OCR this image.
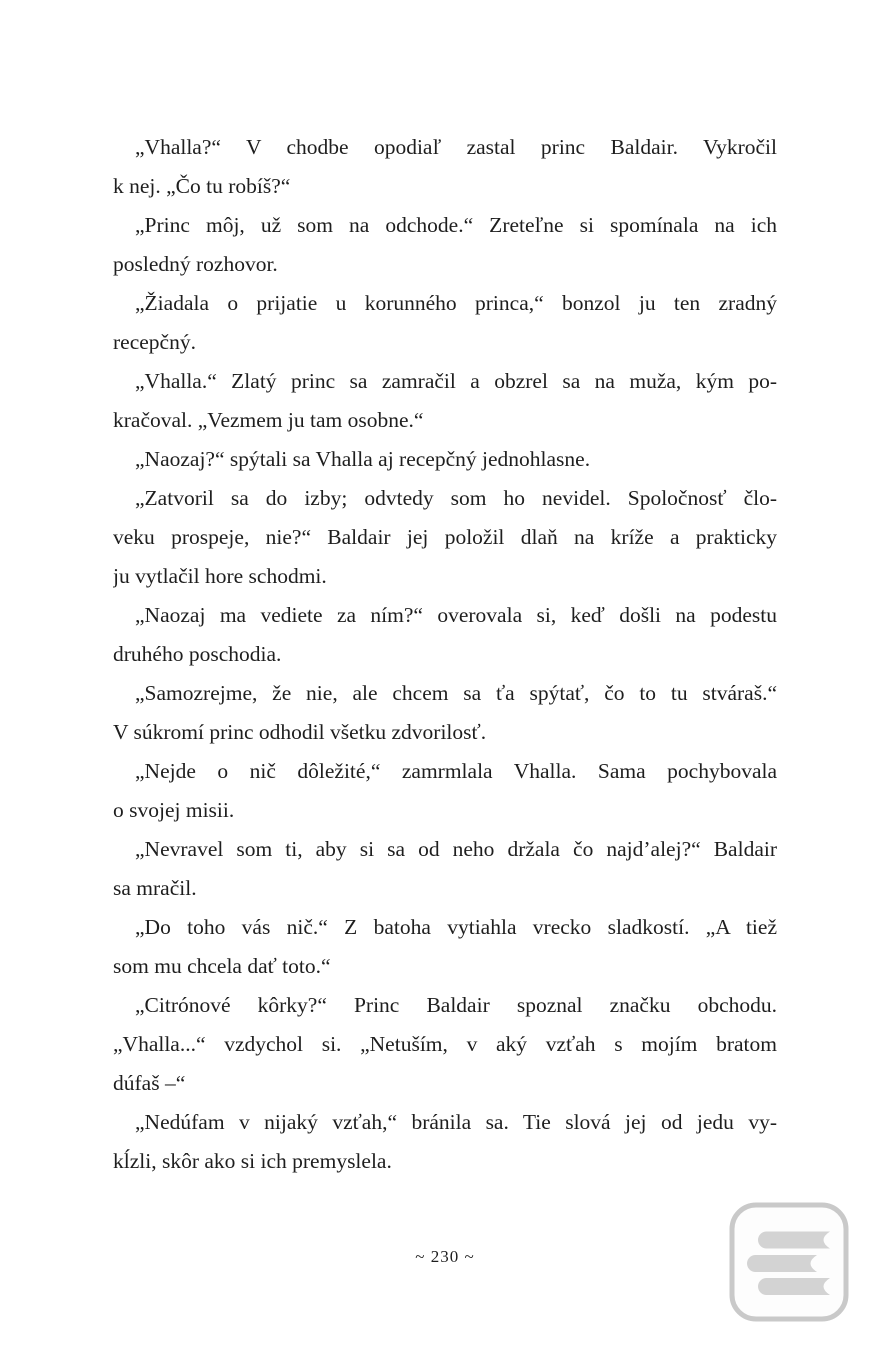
„Vhalla?“ V chodbe opodiaľ zastal princ Baldair. Vykročil
k nej. „Čo tu robíš?“
„Princ môj, už som na odchode.“ Zreteľne si spomínala na ich
posledný rozhovor.
„Žiadala o prijatie u korunného princa,“ bonzol ju ten zradný
recepčný.
„Vhalla.“ Zlatý princ sa zamračil a obzrel sa na muža, kým po-
kračoval. „Vezmem ju tam osobne.“
„Naozaj?“ spýtali sa Vhalla aj recepčný jednohlasne.
„Zatvoril sa do izby; odvtedy som ho nevidel. Spoločnosť člo-
veku prospeje, nie?“ Baldair jej položil dlaň na kríže a prakticky
ju vytlačil hore schodmi.
„Naozaj ma vediete za ním?“ overovala si, keď došli na podestu
druhého poschodia.
„Samozrejme, že nie, ale chcem sa ťa spýtať, čo to tu stváraš.“
V súkromí princ odhodil všetku zdvorilosť.
„Nejde o nič dôležité,“ zamrmlala Vhalla. Sama pochybovala
o svojej misii.
„Nevravel som ti, aby si sa od neho držala čo najdʼalej?“ Baldair
sa mračil.
„Do toho vás nič.“ Z batoha vytiahla vrecko sladkostí. „A tiež
som mu chcela dať toto.“
„Citrónové kôrky?“ Princ Baldair spoznal značku obchodu.
„Vhalla...“ vzdychol si. „Netuším, v aký vzťah s mojím bratom
dúfaš –“
„Nedúfam v nijaký vzťah,“ bránila sa. Tie slová jej od jedu vy-
kĺzli, skôr ako si ich premyslela.
~ 230 ~
